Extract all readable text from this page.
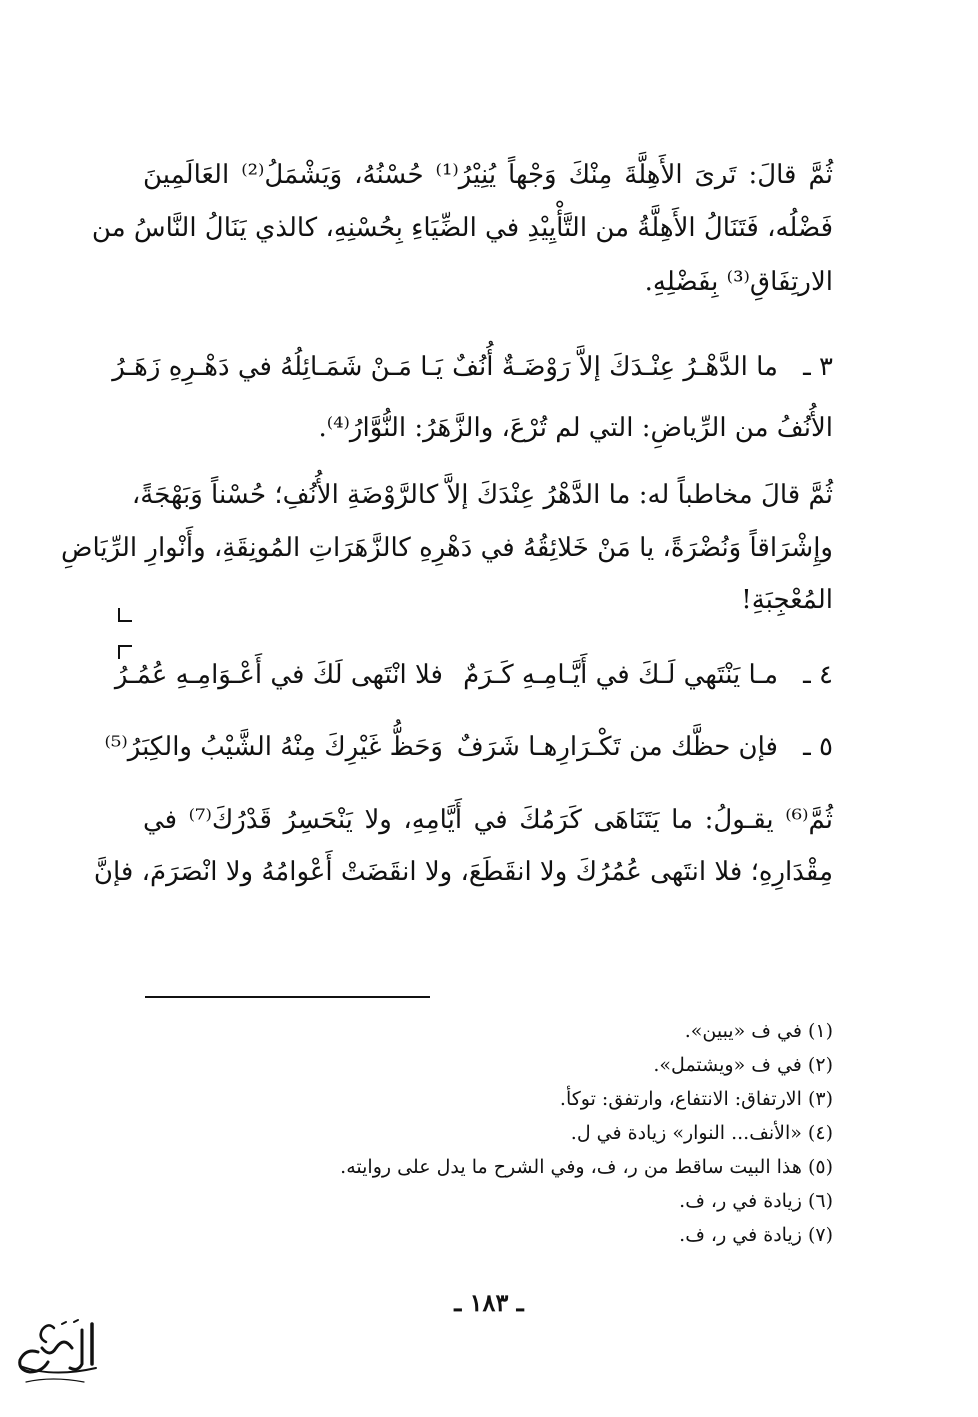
ثُمَّ قالَ: تَرىَ الأَهِلَّةَ مِنْكَ وَجْهاً يُنِيْرُ⁽¹⁾ حُسْنُهُ، وَيَشْمَلُ⁽²⁾ العَالَمِينَ
فَضْلُه، فَتَنَالُ الأَهِلَّةُ من التَّأْيِيْدِ في الضِّيَاءِ بِحُسْنِهِ، كالذي يَنَالُ النَّاسُ من
الارتِفَاقِ⁽³⁾ بِفَضْلِهِ.
٣ ـ
ما الدَّهْـرُ عِنْـدَكَ إلاَّ رَوْضَـةٌ أُنُفٌ
يَـا مَـنْ شَمَـائِلُهُ في دَهْـرِهِ زَهَـرُ
الأُنُفُ من الرِّياضِ: التي لم تُرْعَ، والزَّهَرُ: النُّوَّارُ⁽⁴⁾.
ثُمَّ قالَ مخاطباً له: ما الدَّهْرُ عِنْدَكَ إلاَّ كالرَّوْضَةِ الأُنُفِ؛ حُسْناً وَبَهْجَةً،
وإِشْرَاقاً وَنُضْرَةً، يا مَنْ خَلائِقُهُ في دَهْرِهِ كالزَّهَرَاتِ المُونِقَةِ، وأَنْوارِ الرِّيَاضِ
المُعْجِبَةِ!
٤ ـ
مـا يَنْتَهي لَـكَ في أَيَّـامِـهِ كَـرَمٌ
فلا انْتَهى لَكَ في أَعْـوَامِـهِ عُمُـرُ
٥ ـ
فإن حظَّك من تَكْـرَارِهـا شَرَفٌ
وَحَظُّ غَيْرِكَ مِنْهُ الشَّيْبُ والكِبَرُ⁽⁵⁾
ثُمَّ⁽⁶⁾ يقـولُ: ما يَتَنَاهَى كَرَمُكَ في أَيَّامِهِ، ولا يَنْحَسِرُ قَدْرُكَ⁽⁷⁾ في
مِقْدَارِهِ؛ فلا انتَهى عُمُرُكَ ولا انقَطَعَ، ولا انقَضَتْ أَعْوامُهُ ولا انْصَرَمَ، فإنَّ
(١) في ف «يبين».
(٢) في ف «ويشتمل».
(٣) الارتفاق: الانتفاع، وارتفق: توكأ.
(٤) «الأنف... النوار» زيادة في ل.
(٥) هذا البيت ساقط من ر، ف، وفي الشرح ما يدل على روايته.
(٦) زيادة في ر، ف.
(٧) زيادة في ر، ف.
ـ ١٨٣ ـ
